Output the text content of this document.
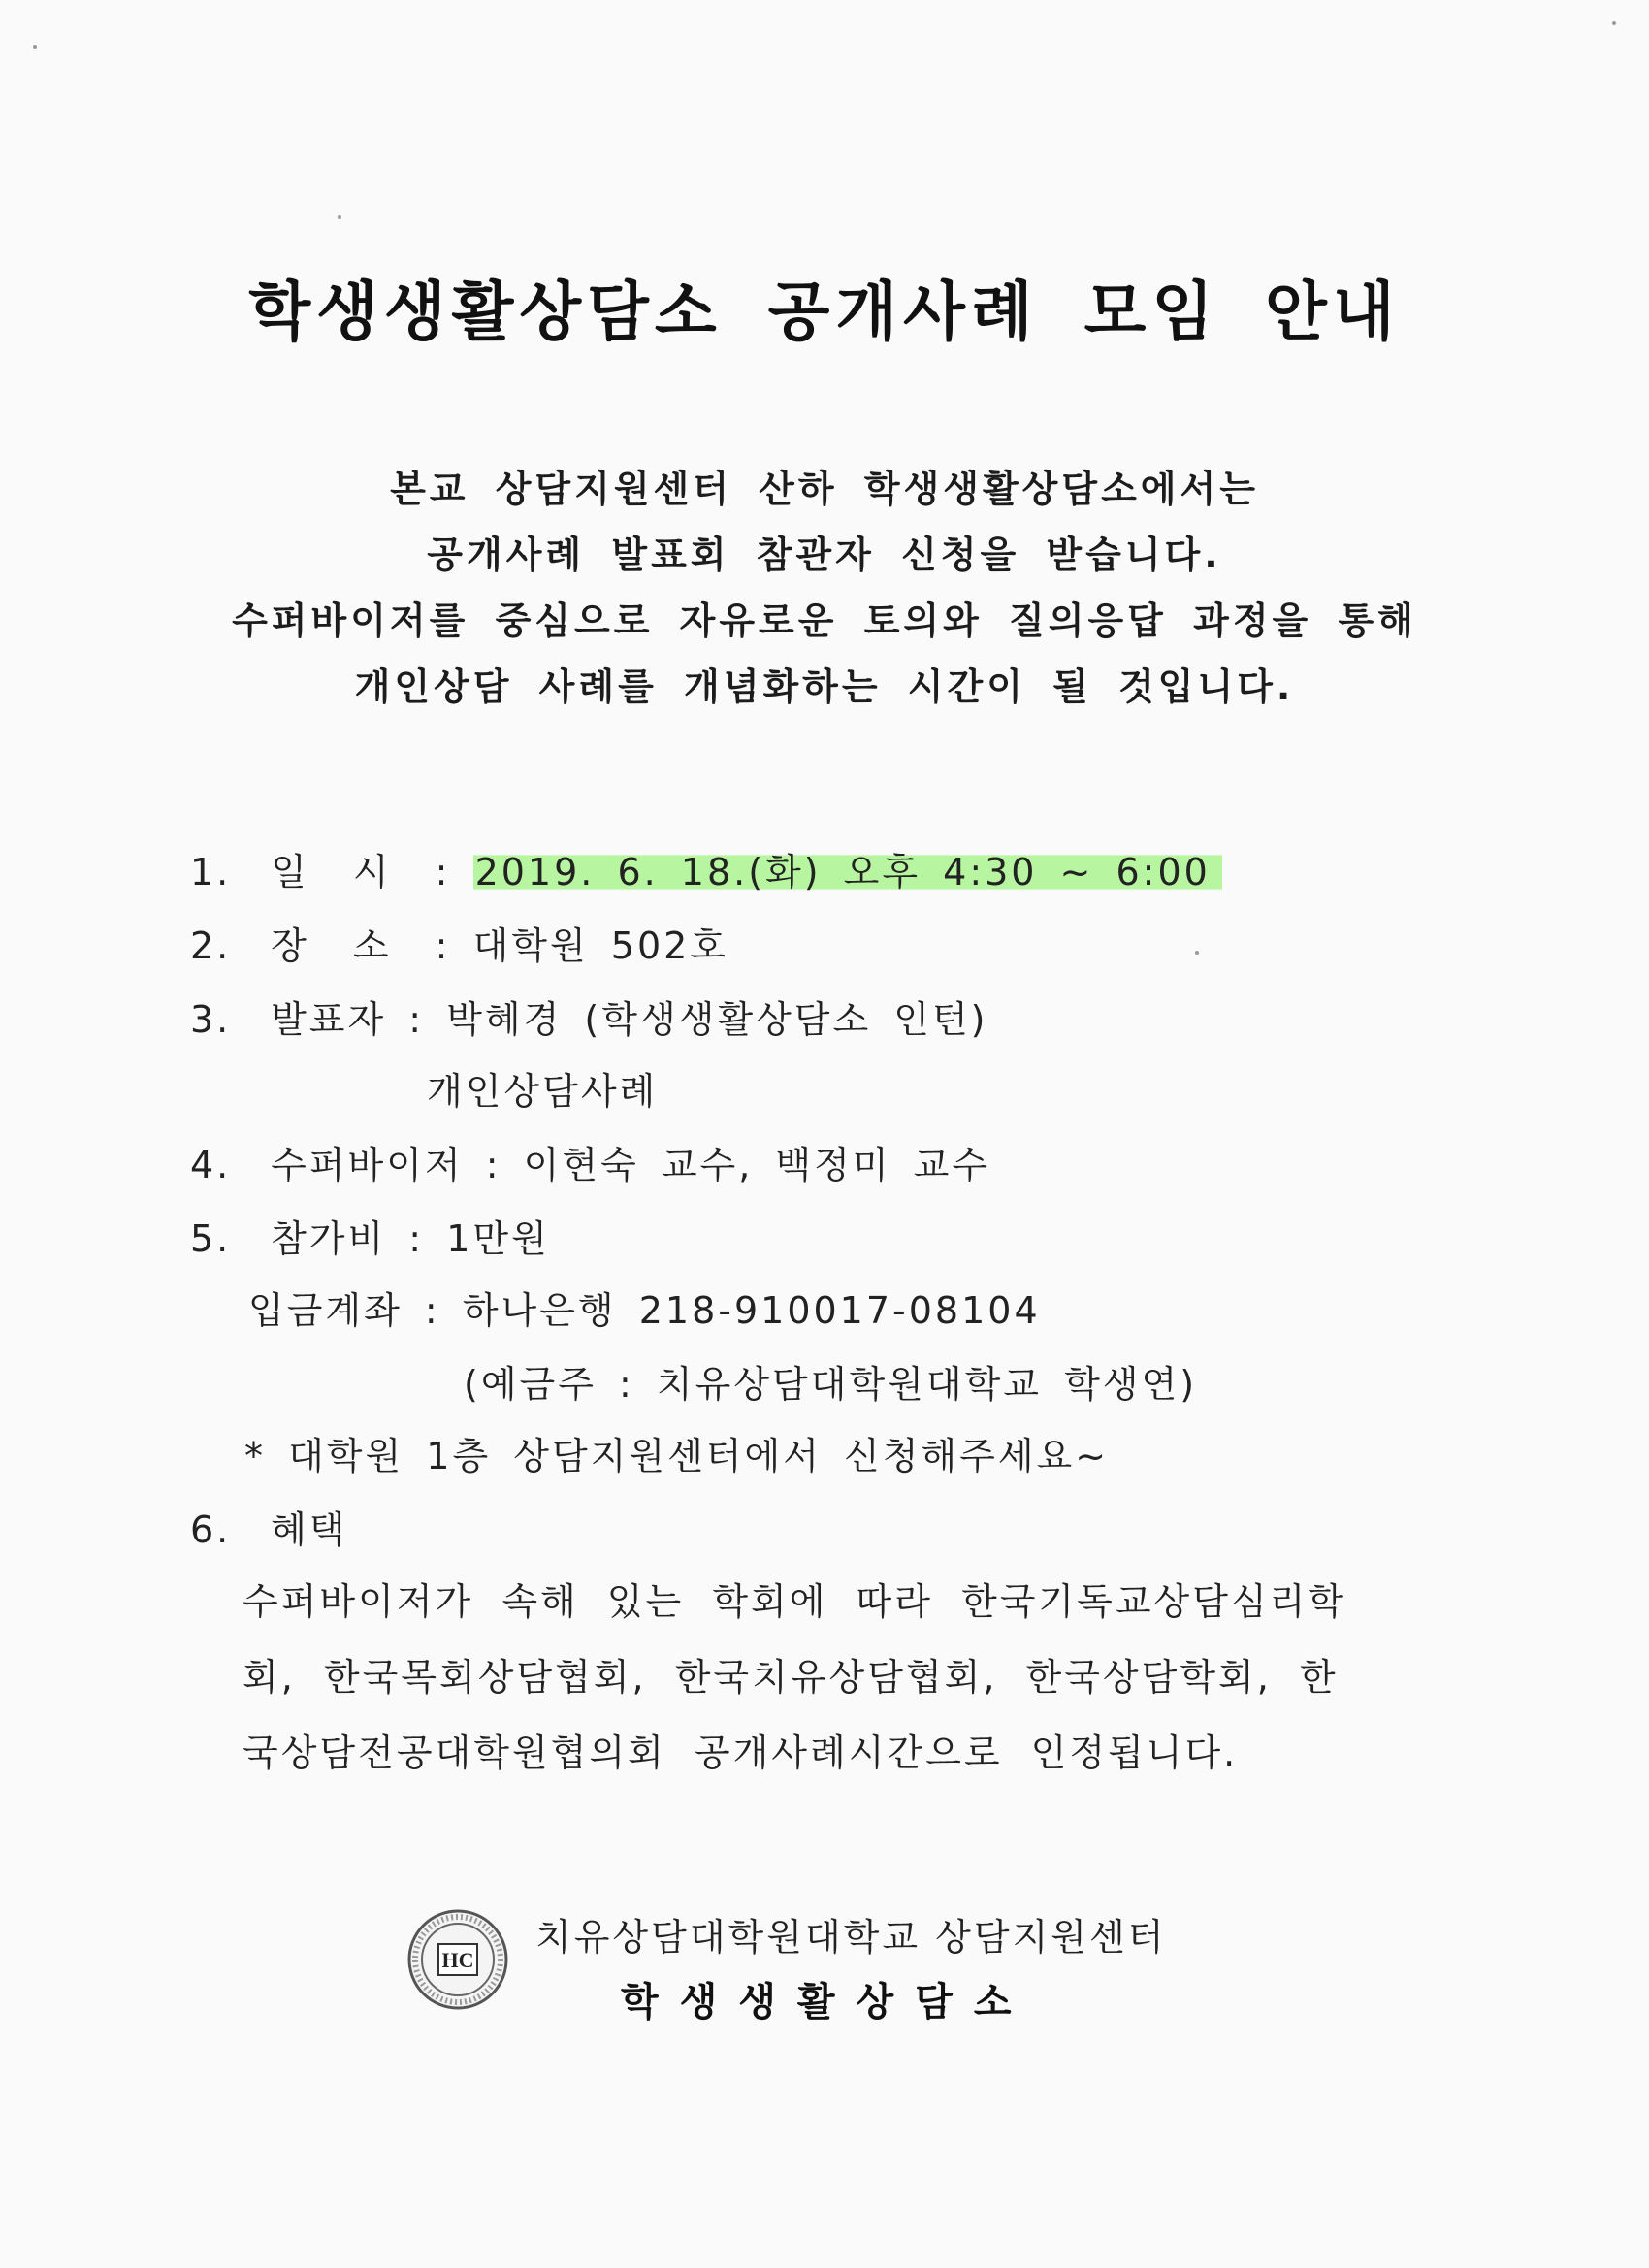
학생생활상담소 공개사례 모임 안내
본교 상담지원센터 산하 학생생활상담소에서는
공개사례 발표회 참관자 신청을 받습니다.
수퍼바이저를 중심으로 자유로운 토의와 질의응답 과정을 통해
개인상담 사례를 개념화하는 시간이 될 것입니다.
1. 일 시 : 2019. 6. 18.(화) 오후 4:30 ~ 6:00
2. 장 소 : 대학원 502호
3. 발표자 : 박혜경 (학생생활상담소 인턴)
개인상담사례
4. 수퍼바이저 : 이현숙 교수, 백정미 교수
5. 참가비 : 1만원
입금계좌 : 하나은행 218-910017-08104
(예금주 : 치유상담대학원대학교 학생연)
* 대학원 1층 상담지원센터에서 신청해주세요~
6. 혜택
수퍼바이저가 속해 있는 학회에 따라 한국기독교상담심리학
회, 한국목회상담협회, 한국치유상담협회, 한국상담학회, 한
국상담전공대학원협의회 공개사례시간으로 인정됩니다.
HC
치유상담대학원대학교 상담지원센터
학생생활상담소
